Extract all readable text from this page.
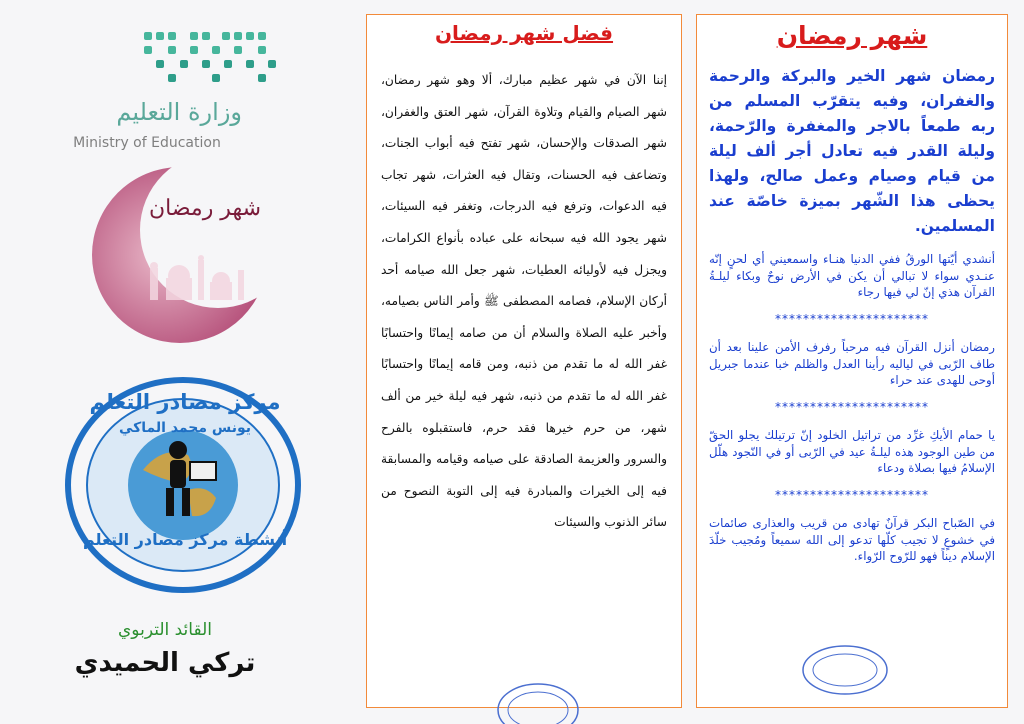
وزارة التعليم
Ministry of Education
شهر رمضان
مركز مصادر التعلم
يونس محمد الماكي
أنشطة مركز مصادر التعلم
القائد التربوي
تركي الحميدي
فضل شهر رمضان
إننا الآن في شهر عظيم مبارك، ألا وهو شهر رمضان، شهر الصيام والقيام وتلاوة القرآن، شهر العتق والغفران، شهر الصدقات والإحسان، شهر تفتح فيه أبواب الجنات، وتضاعف فيه الحسنات، وتقال فيه العثرات، شهر تجاب فيه الدعوات، وترفع فيه الدرجات، وتغفر فيه السيئات، شهر يجود الله فيه سبحانه على عباده بأنواع الكرامات، ويجزل فيه لأوليائه العطيات، شهر جعل الله صيامه أحد أركان الإسلام، فصامه المصطفى ﷺ وأمر الناس بصيامه، وأخبر عليه الصلاة والسلام أن من صامه إيمانًا واحتسابًا غفر الله له ما تقدم من ذنبه، ومن قامه إيمانًا واحتسابًا غفر الله له ما تقدم من ذنبه، شهر فيه ليلة خير من ألف شهر، من حرم خيرها فقد حرم، فاستقبلوه بالفرح والسرور والعزيمة الصادقة على صيامه وقيامه والمسابقة فيه إلى الخيرات والمبادرة فيه إلى التوبة النصوح من سائر الذنوب والسيئات
شهر رمضان
رمضان شهر الخير والبركة والرحمة والغفران، وفيه يتقرّب المسلم من ربه طمعاً بالاجر والمغفرة والرّحمة، وليلة القدر فيه تعادل أجر ألف ليلة من قيام وصيام وعمل صالح، ولهذا يحظى هذا الشّهر بميزة خاصّة عند المسلمين.
أنشدي أيّتها الورقُ ففي الدنيا هنـاء واسمعيني أي لحنٍ إنّه عنـدي سواء لا تبالي أن يكن في الأرض نوحٌ وبكاء ليلـةُ القرآن هذي إنّ لي فيها رجاء
**********************
رمضان أنزل القرآن فيه مرحباً رفرف الأمن علينا بعد أن طاف الرّبى في لياليه رأينا العدل والظلم خبا عندما جبريل أوحى للهدى عند حراء
**********************
يا حمام الأيكِ غرِّد من تراتيل الخلود إنّ ترتيلك يجلو الحقّ من طين الوجود هذه ليلـةُ عيد في الرّبى أو في النّجود هلّل الإسلامُ فيها بصلاة ودعاء
**********************
في الصّباح البكر قرآنٌ تهادى من قريب والعذارى صائمات في خشوعٍ لا تجيب كلّها تدعو إلى الله سميعاً ومُجيب خلّدَ الإسلام ديناً فهو للرّوح الرّواء.
